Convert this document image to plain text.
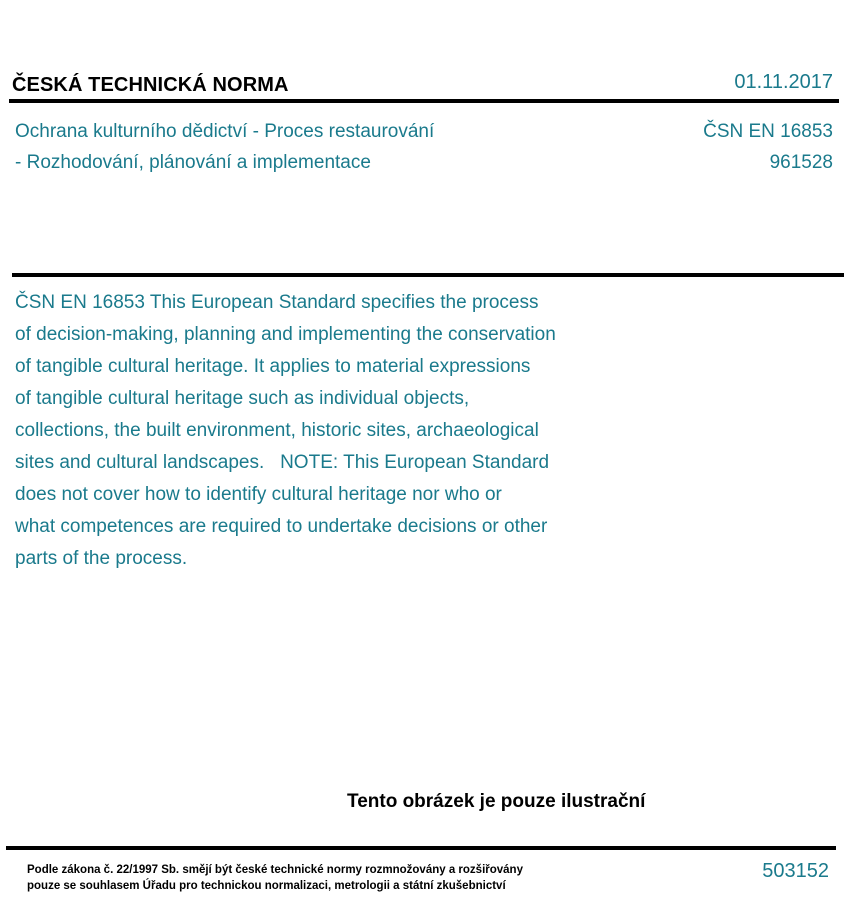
ČESKÁ TECHNICKÁ NORMA	01.11.2017
Ochrana kulturního dědictví - Proces restaurování
- Rozhodování, plánování a implementace
ČSN EN 16853
961528
ČSN EN 16853 This European Standard specifies the process
of decision-making, planning and implementing the conservation
of tangible cultural heritage. It applies to material expressions
of tangible cultural heritage such as individual objects,
collections, the built environment, historic sites, archaeological
sites and cultural landscapes.   NOTE: This European Standard
does not cover how to identify cultural heritage nor who or
what competences are required to undertake decisions or other
parts of the process.
Tento obrázek je pouze ilustrační
Podle zákona č. 22/1997 Sb. smějí být české technické normy rozmnožovány a rozšiřovány
pouze se souhlasem Úřadu pro technickou normalizaci, metrologii a státní zkušebnictví
503152
